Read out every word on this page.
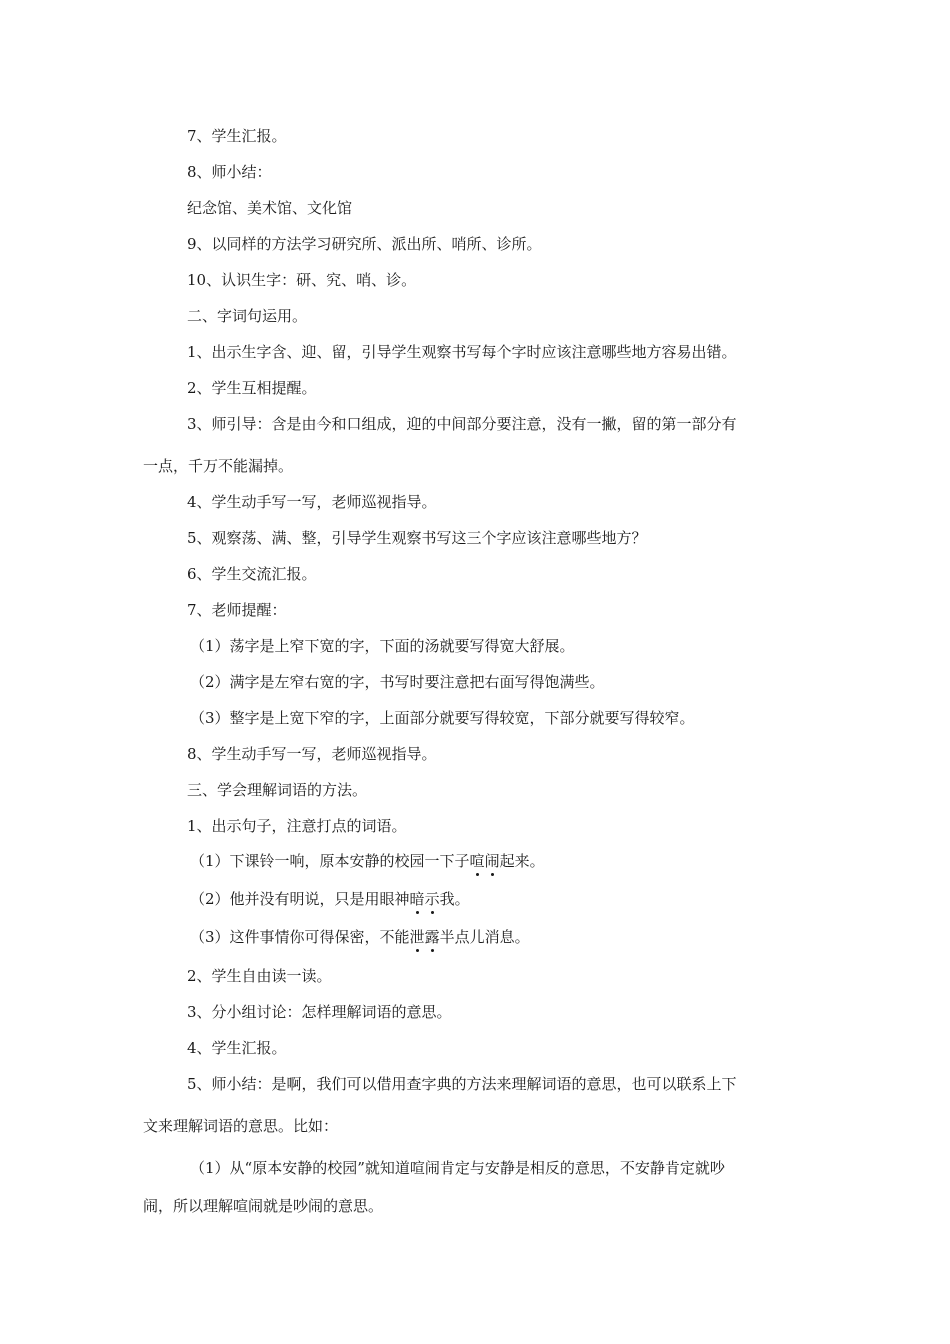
7、学生汇报。
8、师小结：
纪念馆、美术馆、文化馆
9、以同样的方法学习研究所、派出所、哨所、诊所。
10、认识生字：研、究、哨、诊。
二、字词句运用。
1、出示生字含、迎、留，引导学生观察书写每个字时应该注意哪些地方容易出错。
2、学生互相提醒。
3、师引导：含是由今和口组成，迎的中间部分要注意，没有一撇，留的第一部分有
一点，千万不能漏掉。
4、学生动手写一写，老师巡视指导。
5、观察荡、满、整，引导学生观察书写这三个字应该注意哪些地方？
6、学生交流汇报。
7、老师提醒：
（1）荡字是上窄下宽的字，下面的汤就要写得宽大舒展。
（2）满字是左窄右宽的字，书写时要注意把右面写得饱满些。
（3）整字是上宽下窄的字，上面部分就要写得较宽，下部分就要写得较窄。
8、学生动手写一写，老师巡视指导。
三、学会理解词语的方法。
1、出示句子，注意打点的词语。
（1）下课铃一响，原本安静的校园一下子喧闹起来。
（2）他并没有明说，只是用眼神暗示我。
（3）这件事情你可得保密，不能泄露半点儿消息。
2、学生自由读一读。
3、分小组讨论：怎样理解词语的意思。
4、学生汇报。
5、师小结：是啊，我们可以借用查字典的方法来理解词语的意思，也可以联系上下
文来理解词语的意思。比如：
（1）从“原本安静的校园”就知道喧闹肯定与安静是相反的意思，不安静肯定就吵
闹，所以理解喧闹就是吵闹的意思。
